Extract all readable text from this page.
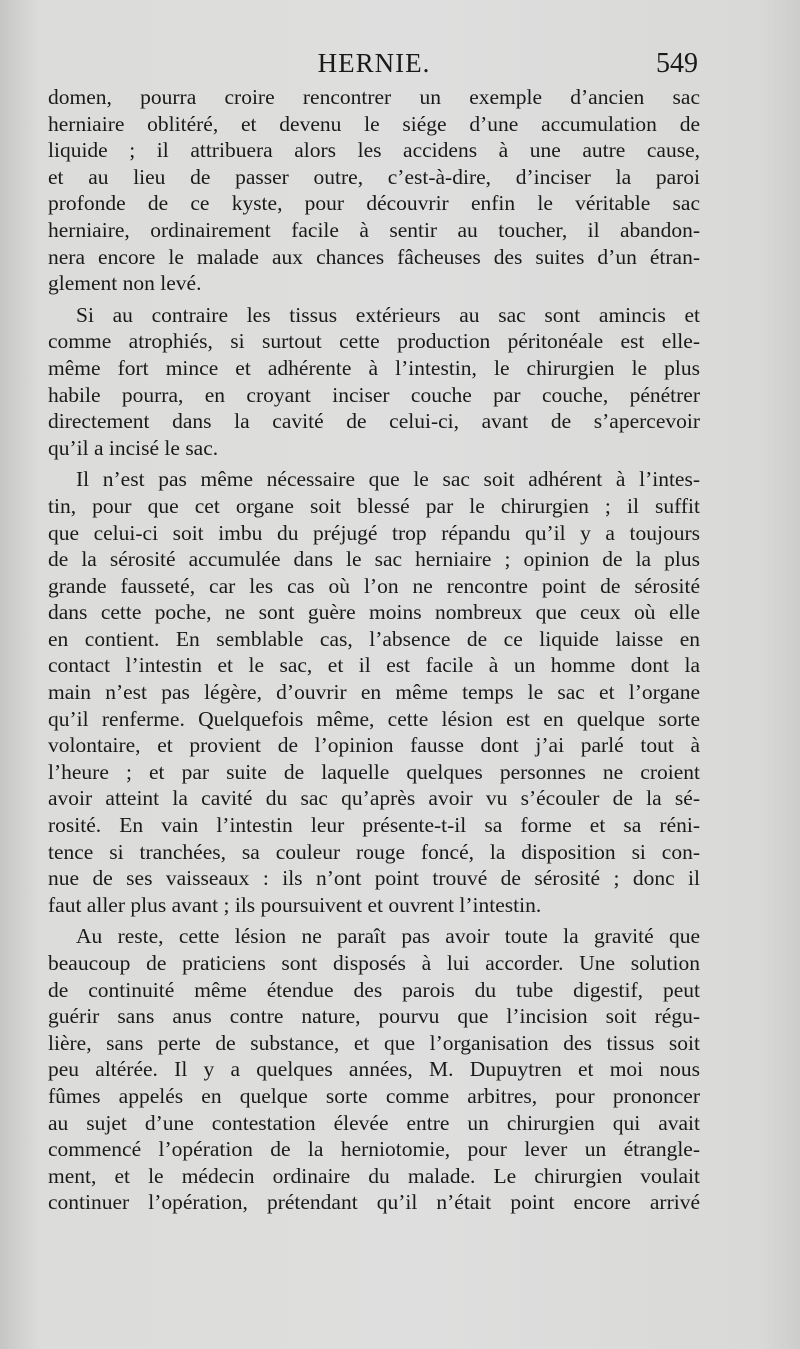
HERNIE.	549
domen, pourra croire rencontrer un exemple d’ancien sac
herniaire oblitéré, et devenu le siége d’une accumulation de
liquide ; il attribuera alors les accidens à une autre cause,
et au lieu de passer outre, c’est-à-dire, d’inciser la paroi
profonde de ce kyste, pour découvrir enfin le véritable sac
herniaire, ordinairement facile à sentir au toucher, il abandon-
nera encore le malade aux chances fâcheuses des suites d’un étran-
glement non levé.
Si au contraire les tissus extérieurs au sac sont amincis et
comme atrophiés, si surtout cette production péritonéale est elle-
même fort mince et adhérente à l’intestin, le chirurgien le plus
habile pourra, en croyant inciser couche par couche, pénétrer
directement dans la cavité de celui-ci, avant de s’apercevoir
qu’il a incisé le sac.
Il n’est pas même nécessaire que le sac soit adhérent à l’intes-
tin, pour que cet organe soit blessé par le chirurgien ; il suffit
que celui-ci soit imbu du préjugé trop répandu qu’il y a toujours
de la sérosité accumulée dans le sac herniaire ; opinion de la plus
grande fausseté, car les cas où l’on ne rencontre point de sérosité
dans cette poche, ne sont guère moins nombreux que ceux où elle
en contient. En semblable cas, l’absence de ce liquide laisse en
contact l’intestin et le sac, et il est facile à un homme dont la
main n’est pas légère, d’ouvrir en même temps le sac et l’organe
qu’il renferme. Quelquefois même, cette lésion est en quelque sorte
volontaire, et provient de l’opinion fausse dont j’ai parlé tout à
l’heure ; et par suite de laquelle quelques personnes ne croient
avoir atteint la cavité du sac qu’après avoir vu s’écouler de la sé-
rosité. En vain l’intestin leur présente-t-il sa forme et sa réni-
tence si tranchées, sa couleur rouge foncé, la disposition si con-
nue de ses vaisseaux : ils n’ont point trouvé de sérosité ; donc il
faut aller plus avant ; ils poursuivent et ouvrent l’intestin.
Au reste, cette lésion ne paraît pas avoir toute la gravité que
beaucoup de praticiens sont disposés à lui accorder. Une solution
de continuité même étendue des parois du tube digestif, peut
guérir sans anus contre nature, pourvu que l’incision soit régu-
lière, sans perte de substance, et que l’organisation des tissus soit
peu altérée. Il y a quelques années, M. Dupuytren et moi nous
fûmes appelés en quelque sorte comme arbitres, pour prononcer
au sujet d’une contestation élevée entre un chirurgien qui avait
commencé l’opération de la herniotomie, pour lever un étrangle-
ment, et le médecin ordinaire du malade. Le chirurgien voulait
continuer l’opération, prétendant qu’il n’était point encore arrivé
